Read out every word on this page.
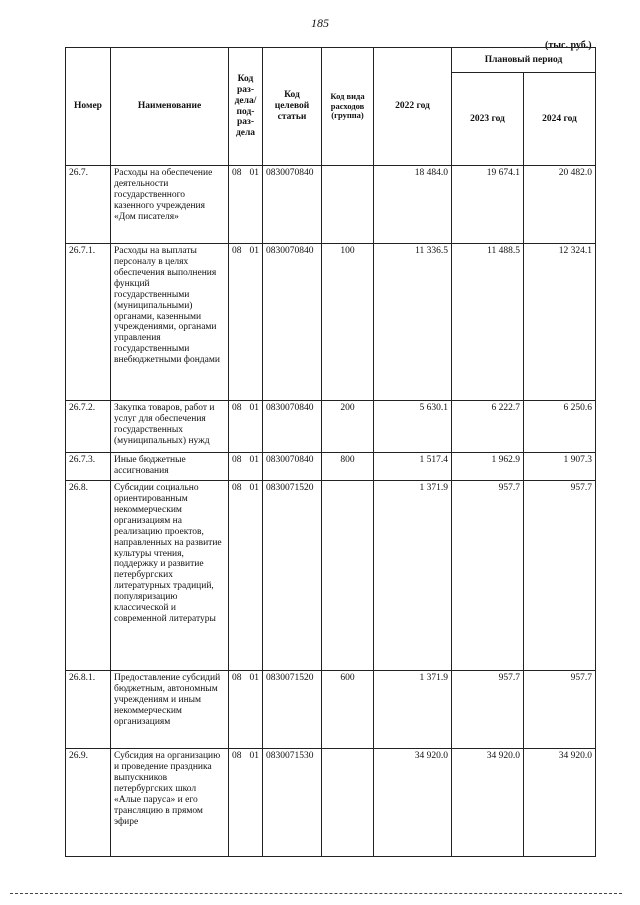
185
(тыс. руб.)
Номер	Наименование	Код раз-дела/ под-раз-дела	Код целевой статьи	Код вида расходов (группа)	2022 год	Плановый период	
						2023 год	2024 год
26.7.	Расходы на обеспечение деятельности государственного казенного учреждения «Дом писателя»	08 01	0830070840		18 484.0	19 674.1	20 482.0
26.7.1.	Расходы на выплаты персоналу в целях обеспечения выполнения функций государственными (муниципальными) органами, казенными учреждениями, органами управления государственными внебюджетными фондами	08 01	0830070840	100	11 336.5	11 488.5	12 324.1
26.7.2.	Закупка товаров, работ и услуг для обеспечения государственных (муниципальных) нужд	08 01	0830070840	200	5 630.1	6 222.7	6 250.6
26.7.3.	Иные бюджетные ассигнования	08 01	0830070840	800	1 517.4	1 962.9	1 907.3
26.8.	Субсидии социально ориентированным некоммерческим организациям на реализацию проектов, направленных на развитие культуры чтения, поддержку и развитие петербургских литературных традиций, популяризацию классической и современной литературы	08 01	0830071520		1 371.9	957.7	957.7
26.8.1.	Предоставление субсидий бюджетным, автономным учреждениям и иным некоммерческим организациям	08 01	0830071520	600	1 371.9	957.7	957.7
26.9.	Субсидия на организацию и проведение праздника выпускников петербургских школ «Алые паруса» и его трансляцию в прямом эфире	08 01	0830071530		34 920.0	34 920.0	34 920.0
